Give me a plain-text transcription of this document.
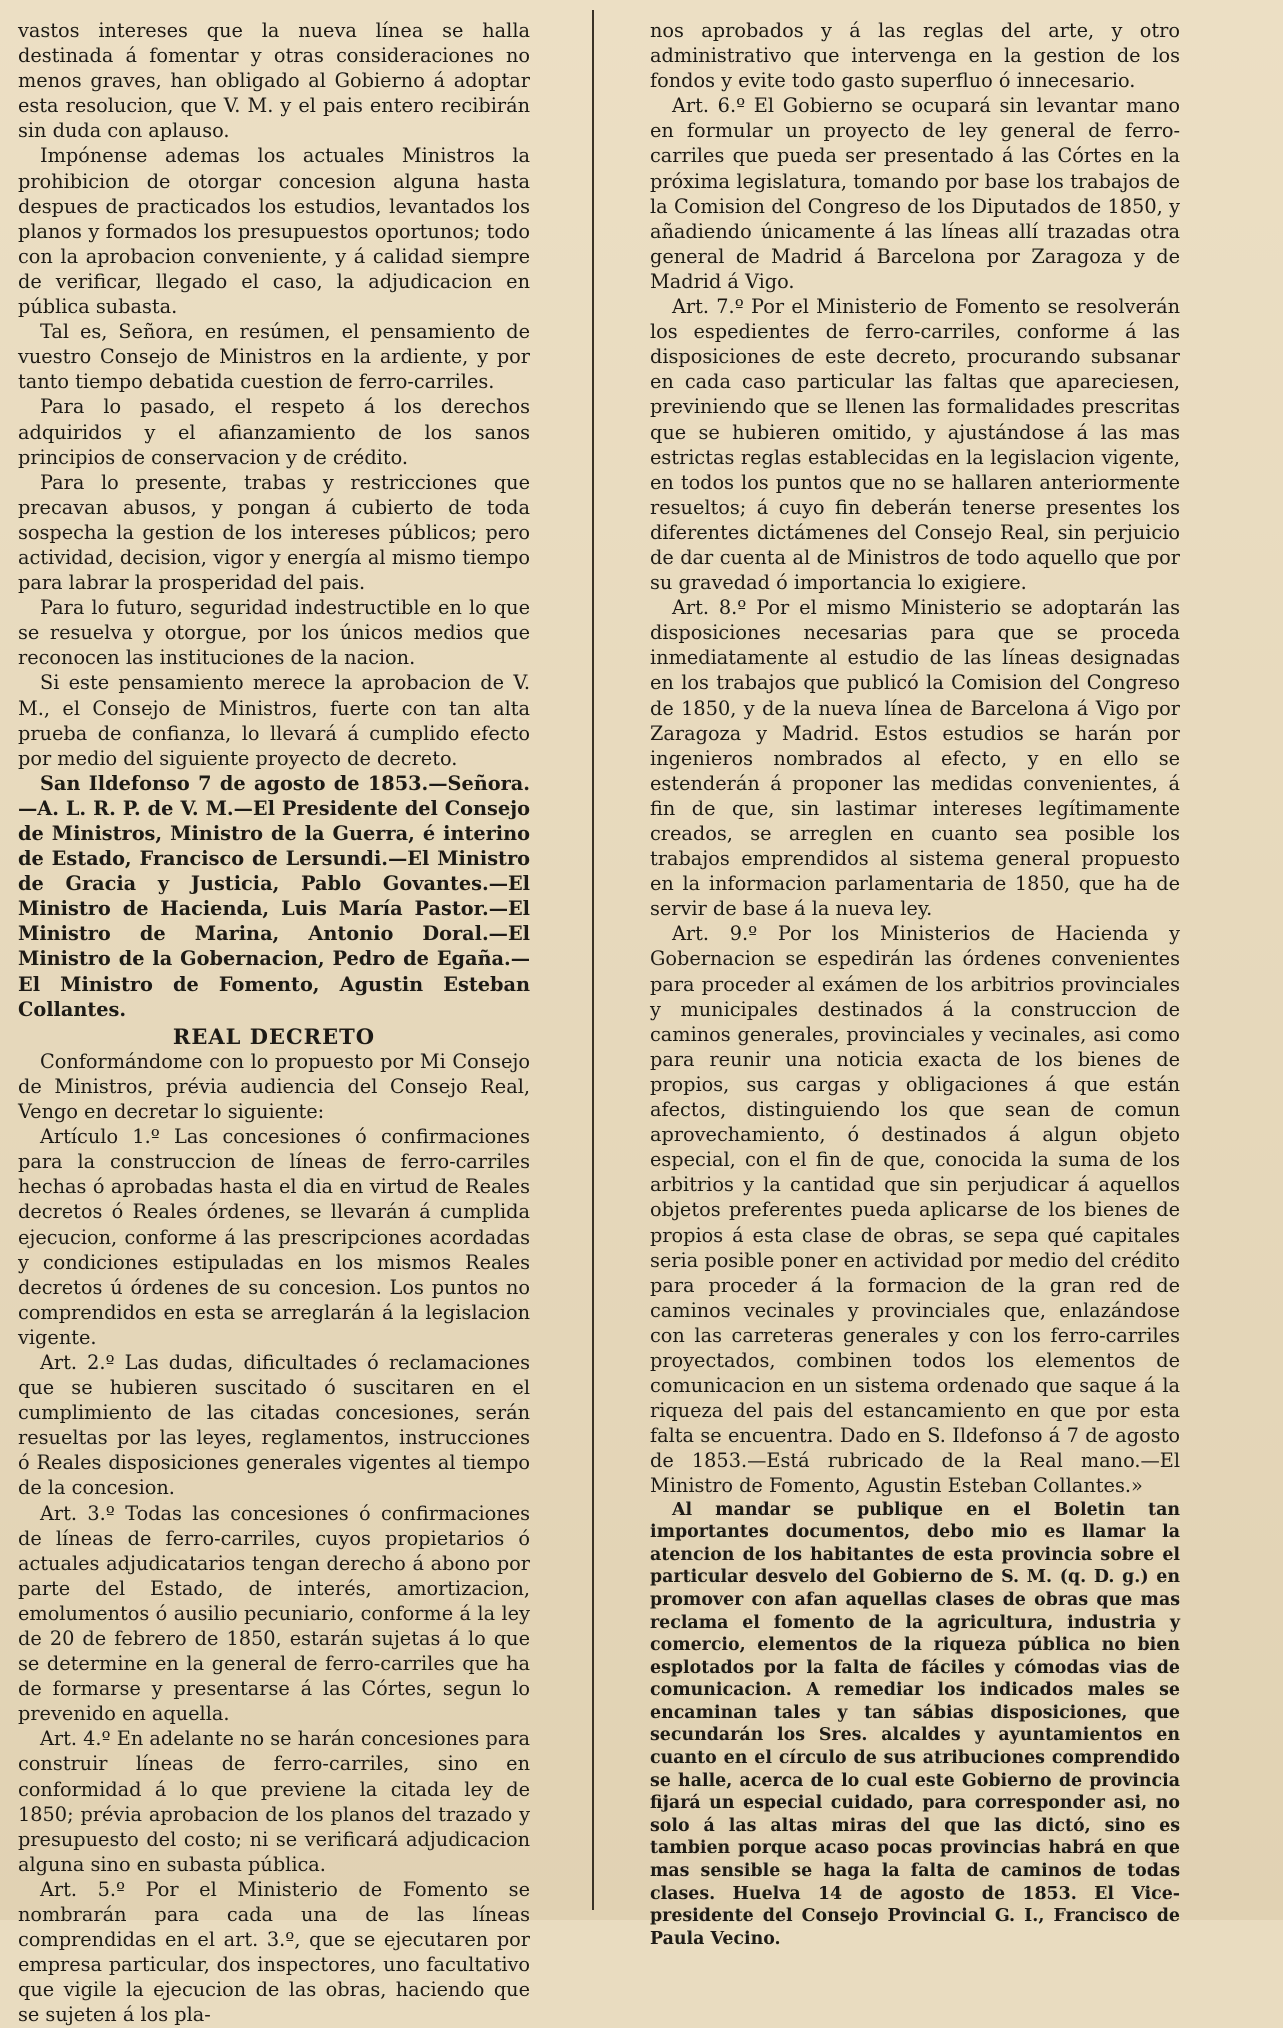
vastos intereses que la nueva línea se halla destinada á fomentar y otras consideraciones no menos graves, han obligado al Gobierno á adoptar esta resolucion, que V. M. y el pais entero recibirán sin duda con aplauso.

Impónense ademas los actuales Ministros la prohibicion de otorgar concesion alguna hasta despues de practicados los estudios, levantados los planos y formados los presupuestos oportunos; todo con la aprobacion conveniente, y á calidad siempre de verificar, llegado el caso, la adjudicacion en pública subasta.

Tal es, Señora, en resúmen, el pensamiento de vuestro Consejo de Ministros en la ardiente, y por tanto tiempo debatida cuestion de ferro-carriles.

Para lo pasado, el respeto á los derechos adquiridos y el afianzamiento de los sanos principios de conservacion y de crédito.

Para lo presente, trabas y restricciones que precavan abusos, y pongan á cubierto de toda sospecha la gestion de los intereses públicos; pero actividad, decision, vigor y energía al mismo tiempo para labrar la prosperidad del pais.

Para lo futuro, seguridad indestructible en lo que se resuelva y otorgue, por los únicos medios que reconocen las instituciones de la nacion.

Si este pensamiento merece la aprobacion de V. M., el Consejo de Ministros, fuerte con tan alta prueba de confianza, lo llevará á cumplido efecto por medio del siguiente proyecto de decreto.

San Ildefonso 7 de agosto de 1853.—Señora.—A. L. R. P. de V. M.—El Presidente del Consejo de Ministros, Ministro de la Guerra, é interino de Estado, Francisco de Lersundi.—El Ministro de Gracia y Justicia, Pablo Govantes.—El Ministro de Hacienda, Luis María Pastor.—El Ministro de Marina, Antonio Doral.—El Ministro de la Gobernacion, Pedro de Egaña.—El Ministro de Fomento, Agustin Esteban Collantes.

REAL DECRETO

Conformándome con lo propuesto por Mi Consejo de Ministros, prévia audiencia del Consejo Real, Vengo en decretar lo siguiente:

Artículo 1.º Las concesiones ó confirmaciones para la construccion de líneas de ferro-carriles hechas ó aprobadas hasta el dia en virtud de Reales decretos ó Reales órdenes, se llevarán á cumplida ejecucion, conforme á las prescripciones acordadas y condiciones estipuladas en los mismos Reales decretos ú órdenes de su concesion. Los puntos no comprendidos en esta se arreglarán á la legislacion vigente.

Art. 2.º Las dudas, dificultades ó reclamaciones que se hubieren suscitado ó suscitaren en el cumplimiento de las citadas concesiones, serán resueltas por las leyes, reglamentos, instrucciones ó Reales disposiciones generales vigentes al tiempo de la concesion.

Art. 3.º Todas las concesiones ó confirmaciones de líneas de ferro-carriles, cuyos propietarios ó actuales adjudicatarios tengan derecho á abono por parte del Estado, de interés, amortizacion, emolumentos ó ausilio pecuniario, conforme á la ley de 20 de febrero de 1850, estarán sujetas á lo que se determine en la general de ferro-carriles que ha de formarse y presentarse á las Córtes, segun lo prevenido en aquella.

Art. 4.º En adelante no se harán concesiones para construir líneas de ferro-carriles, sino en conformidad á lo que previene la citada ley de 1850; prévia aprobacion de los planos del trazado y presupuesto del costo; ni se verificará adjudicacion alguna sino en subasta pública.

Art. 5.º Por el Ministerio de Fomento se nombrarán para cada una de las líneas comprendidas en el art. 3.º, que se ejecutaren por empresa particular, dos inspectores, uno facultativo que vigile la ejecucion de las obras, haciendo que se sujeten á los pla-

nos aprobados y á las reglas del arte, y otro administrativo que intervenga en la gestion de los fondos y evite todo gasto superfluo ó innecesario.

Art. 6.º El Gobierno se ocupará sin levantar mano en formular un proyecto de ley general de ferro-carriles que pueda ser presentado á las Córtes en la próxima legislatura, tomando por base los trabajos de la Comision del Congreso de los Diputados de 1850, y añadiendo únicamente á las líneas allí trazadas otra general de Madrid á Barcelona por Zaragoza y de Madrid á Vigo.

Art. 7.º Por el Ministerio de Fomento se resolverán los espedientes de ferro-carriles, conforme á las disposiciones de este decreto, procurando subsanar en cada caso particular las faltas que apareciesen, previniendo que se llenen las formalidades prescritas que se hubieren omitido, y ajustándose á las mas estrictas reglas establecidas en la legislacion vigente, en todos los puntos que no se hallaren anteriormente resueltos; á cuyo fin deberán tenerse presentes los diferentes dictámenes del Consejo Real, sin perjuicio de dar cuenta al de Ministros de todo aquello que por su gravedad ó importancia lo exigiere.

Art. 8.º Por el mismo Ministerio se adoptarán las disposiciones necesarias para que se proceda inmediatamente al estudio de las líneas designadas en los trabajos que publicó la Comision del Congreso de 1850, y de la nueva línea de Barcelona á Vigo por Zaragoza y Madrid. Estos estudios se harán por ingenieros nombrados al efecto, y en ello se estenderán á proponer las medidas convenientes, á fin de que, sin lastimar intereses legítimamente creados, se arreglen en cuanto sea posible los trabajos emprendidos al sistema general propuesto en la informacion parlamentaria de 1850, que ha de servir de base á la nueva ley.

Art. 9.º Por los Ministerios de Hacienda y Gobernacion se espedirán las órdenes convenientes para proceder al exámen de los arbitrios provinciales y municipales destinados á la construccion de caminos generales, provinciales y vecinales, asi como para reunir una noticia exacta de los bienes de propios, sus cargas y obligaciones á que están afectos, distinguiendo los que sean de comun aprovechamiento, ó destinados á algun objeto especial, con el fin de que, conocida la suma de los arbitrios y la cantidad que sin perjudicar á aquellos objetos preferentes pueda aplicarse de los bienes de propios á esta clase de obras, se sepa qué capitales seria posible poner en actividad por medio del crédito para proceder á la formacion de la gran red de caminos vecinales y provinciales que, enlazándose con las carreteras generales y con los ferro-carriles proyectados, combinen todos los elementos de comunicacion en un sistema ordenado que saque á la riqueza del pais del estancamiento en que por esta falta se encuentra. Dado en S. Ildefonso á 7 de agosto de 1853.—Está rubricado de la Real mano.—El Ministro de Fomento, Agustin Esteban Collantes.»

Al mandar se publique en el Boletin tan importantes documentos, debo mio es llamar la atencion de los habitantes de esta provincia sobre el particular desvelo del Gobierno de S. M. (q. D. g.) en promover con afan aquellas clases de obras que mas reclama el fomento de la agricultura, industria y comercio, elementos de la riqueza pública no bien esplotados por la falta de fáciles y cómodas vias de comunicacion. A remediar los indicados males se encaminan tales y tan sábias disposiciones, que secundarán los Sres. alcaldes y ayuntamientos en cuanto en el círculo de sus atribuciones comprendido se halle, acerca de lo cual este Gobierno de provincia fijará un especial cuidado, para corresponder asi, no solo á las altas miras del que las dictó, sino es tambien porque acaso pocas provincias habrá en que mas sensible se haga la falta de caminos de todas clases. Huelva 14 de agosto de 1853. El Vice-presidente del Consejo Provincial G. I., Francisco de Paula Vecino.
